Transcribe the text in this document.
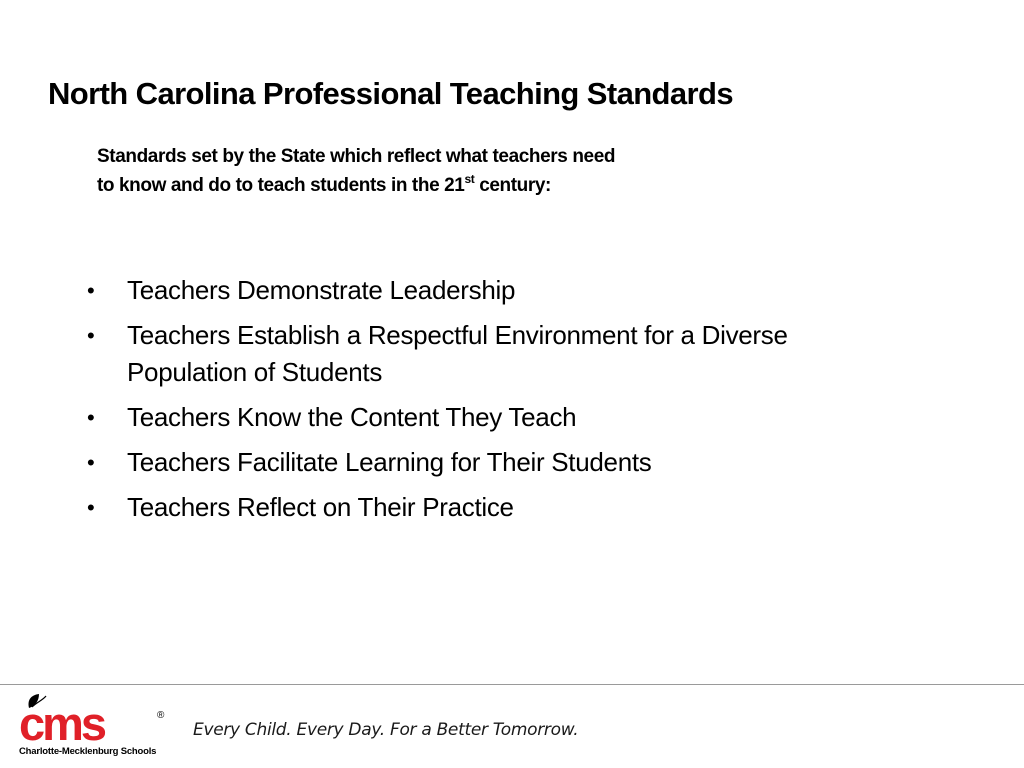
North Carolina Professional Teaching Standards
Standards set by the State which reflect what teachers need
to know and do to teach students in the 21st century:
• Teachers Demonstrate Leadership
• Teachers Establish a Respectful Environment for a Diverse Population of Students
• Teachers Know the Content They Teach
• Teachers Facilitate Learning for Their Students
• Teachers Reflect on Their Practice
cms	®
Charlotte-Mecklenburg Schools
Every Child. Every Day. For a Better Tomorrow.
